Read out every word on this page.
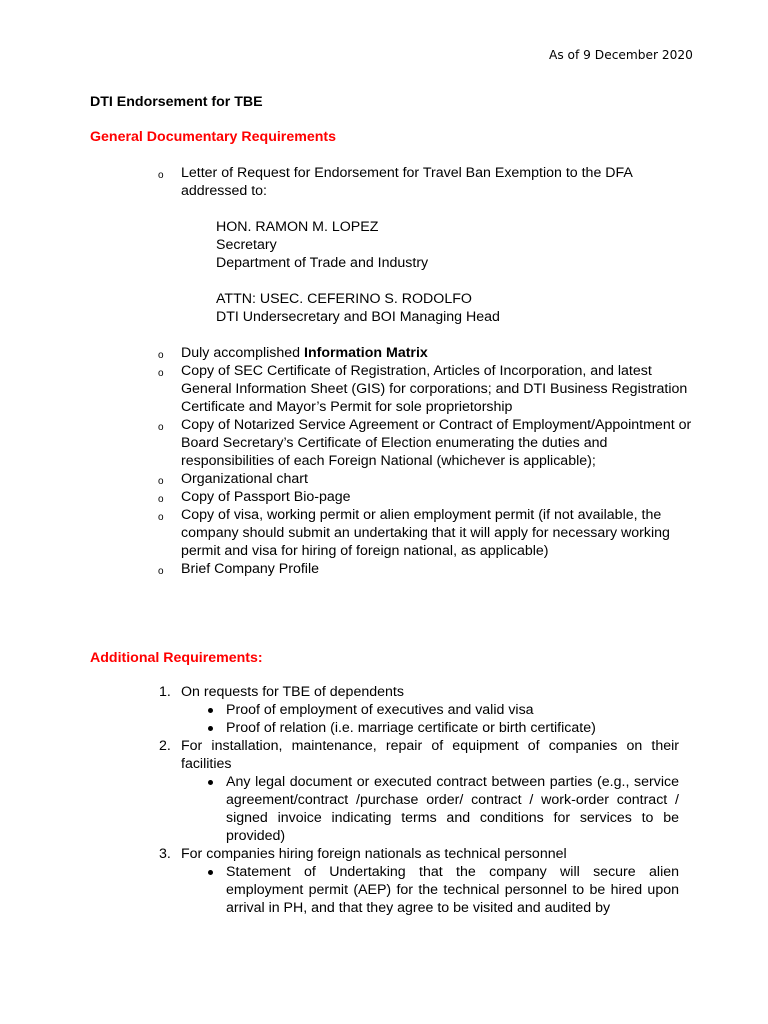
As of 9 December 2020
DTI Endorsement for TBE
General Documentary Requirements
o Letter of Request for Endorsement for Travel Ban Exemption to the DFA addressed to:
HON. RAMON M. LOPEZ
Secretary
Department of Trade and Industry
ATTN: USEC. CEFERINO S. RODOLFO
DTI Undersecretary and BOI Managing Head
o Duly accomplished Information Matrix
o Copy of SEC Certificate of Registration, Articles of Incorporation, and latest General Information Sheet (GIS) for corporations; and DTI Business Registration Certificate and Mayor’s Permit for sole proprietorship
o Copy of Notarized Service Agreement or Contract of Employment/Appointment or Board Secretary’s Certificate of Election enumerating the duties and responsibilities of each Foreign National (whichever is applicable);
o Organizational chart
o Copy of Passport Bio-page
o Copy of visa, working permit or alien employment permit (if not available, the company should submit an undertaking that it will apply for necessary working permit and visa for hiring of foreign national, as applicable)
o Brief Company Profile
Additional Requirements:
1. On requests for TBE of dependents
Proof of employment of executives and valid visa
Proof of relation (i.e. marriage certificate or birth certificate)
2. For installation, maintenance, repair of equipment of companies on their facilities
Any legal document or executed contract between parties (e.g., service agreement/contract /purchase order/ contract / work-order contract / signed invoice indicating terms and conditions for services to be provided)
3. For companies hiring foreign nationals as technical personnel
Statement of Undertaking that the company will secure alien employment permit (AEP) for the technical personnel to be hired upon arrival in PH, and that they agree to be visited and audited by
